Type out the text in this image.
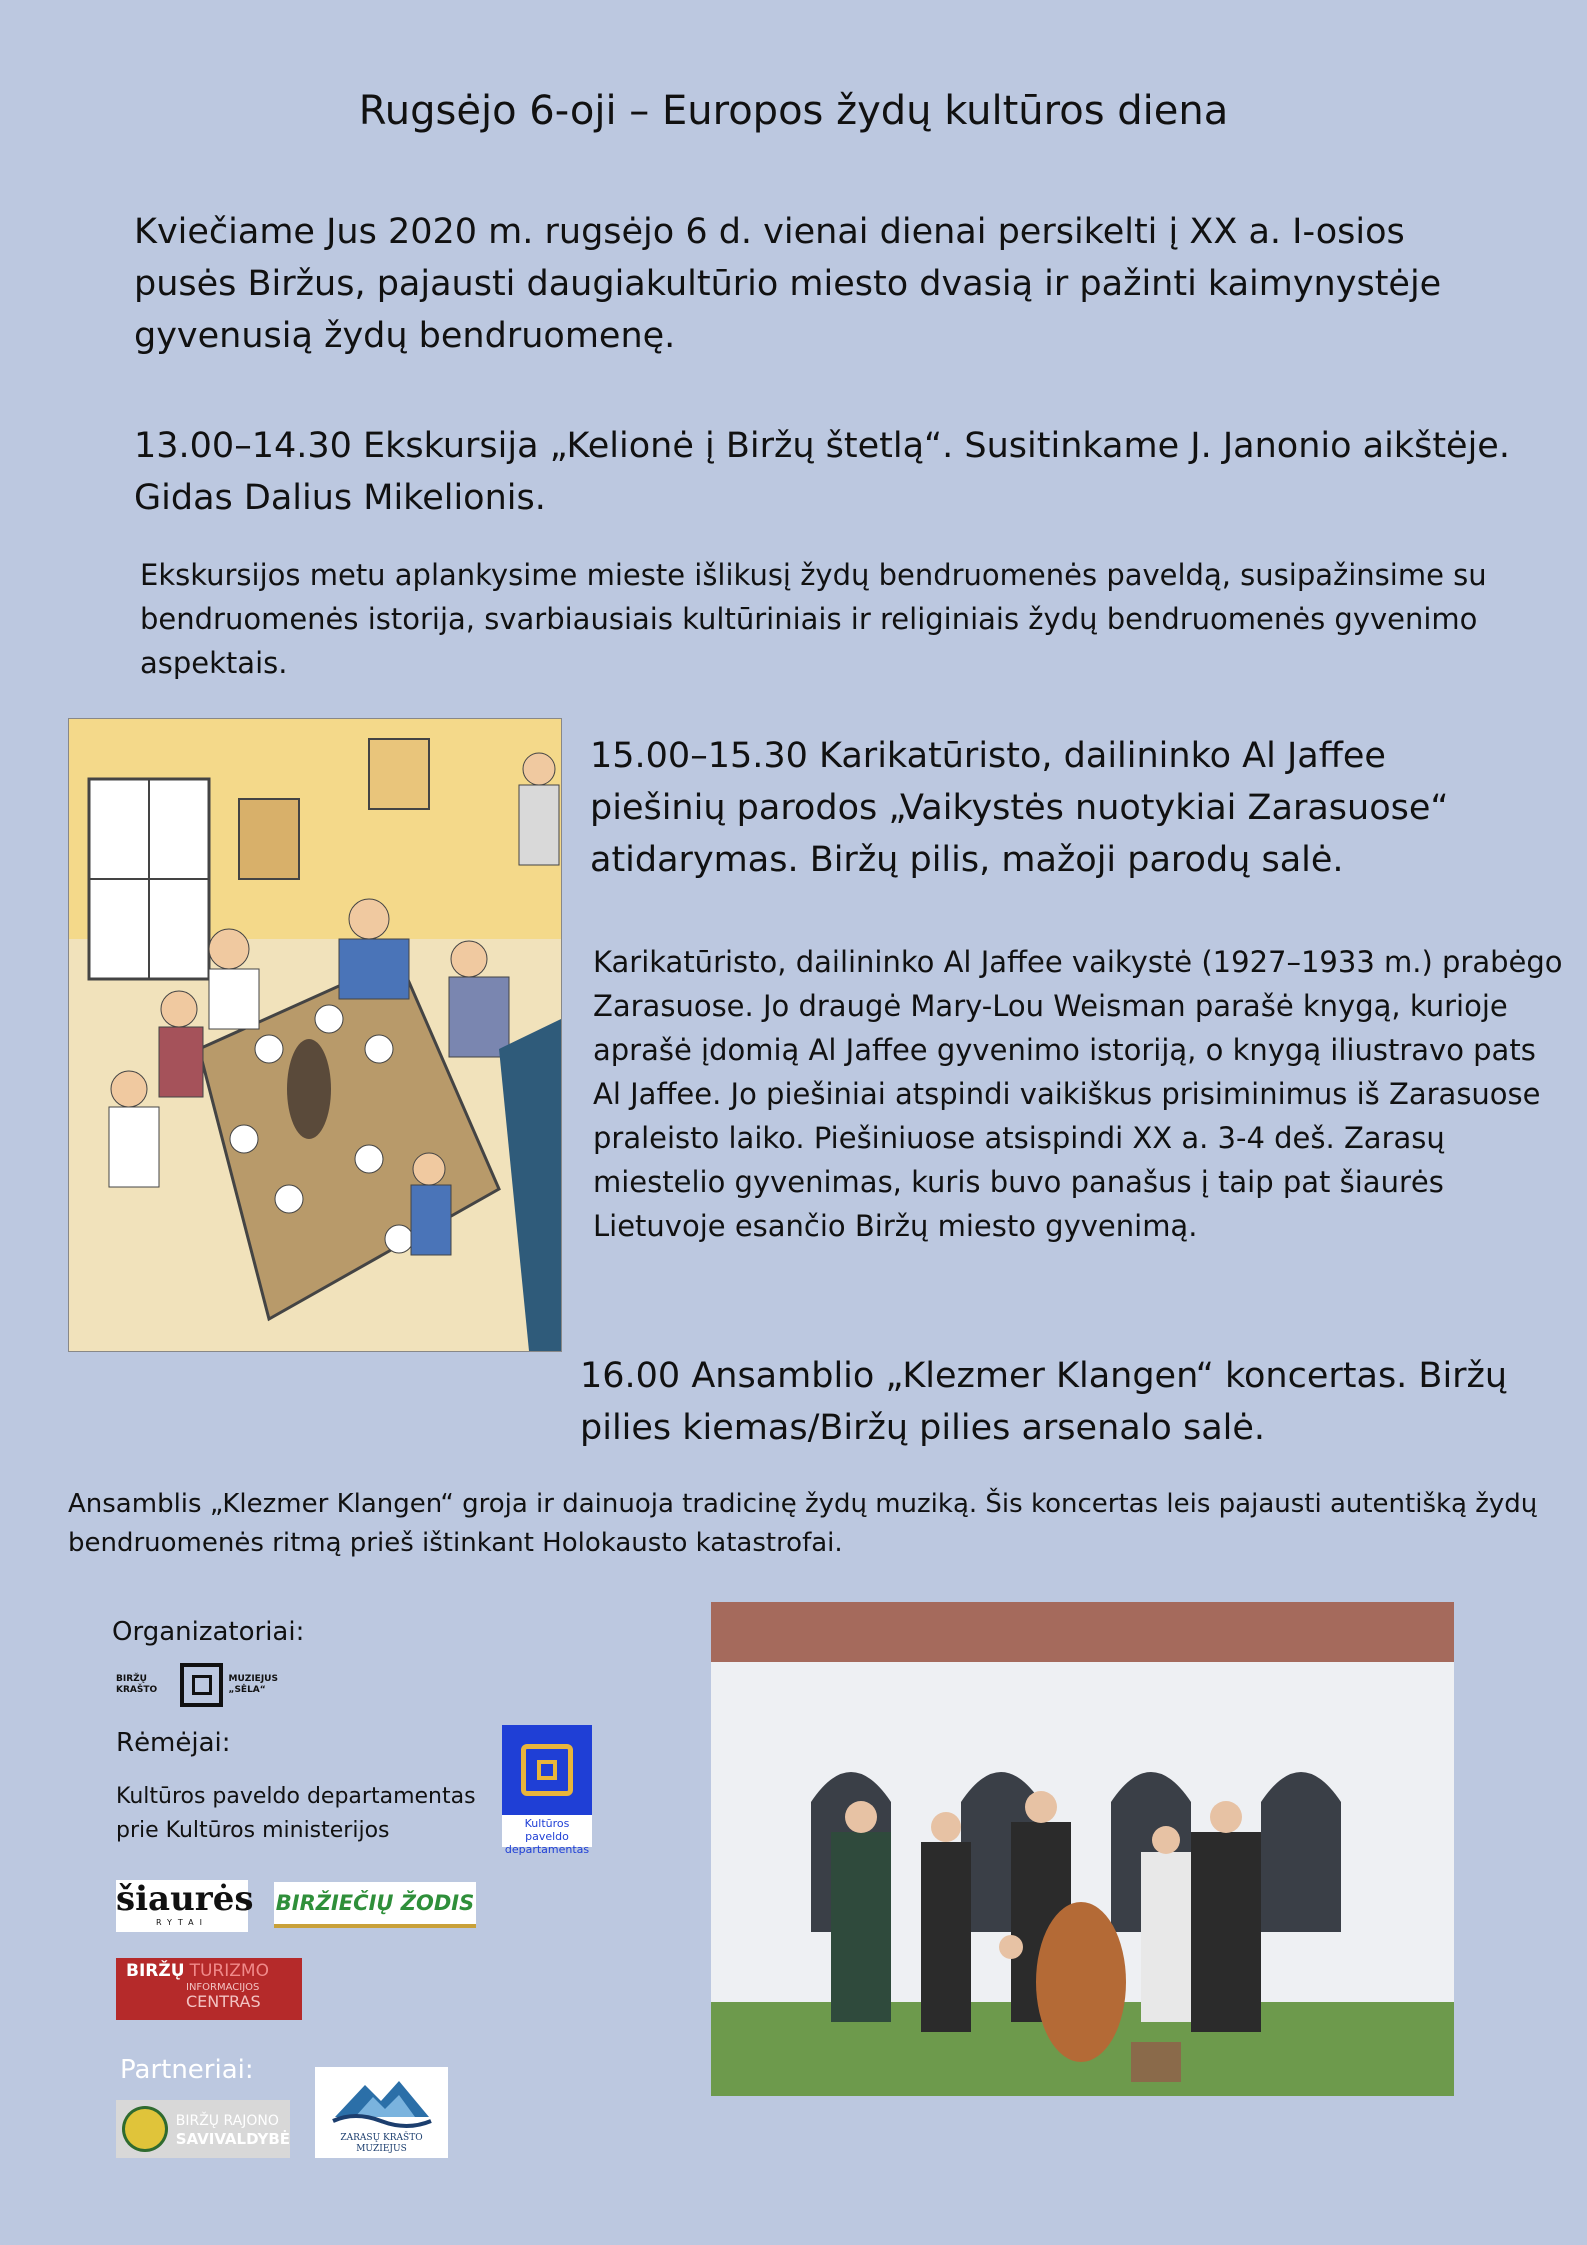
Rugsėjo 6-oji – Europos žydų kultūros diena
Kviečiame Jus 2020 m. rugsėjo 6 d. vienai dienai persikelti į XX a. I-osios pusės Biržus, pajausti daugiakultūrio miesto dvasią ir pažinti kaimynystėje gyvenusią žydų bendruomenę.
13.00–14.30 Ekskursija „Kelionė į Biržų štetlą“. Susitinkame J. Janonio aikštėje. Gidas Dalius Mikelionis.
Ekskursijos metu aplankysime mieste išlikusį žydų bendruomenės paveldą, susipažinsime su bendruomenės istorija, svarbiausiais kultūriniais ir religiniais žydų bendruomenės gyvenimo aspektais.
15.00–15.30 Karikatūristo, dailininko Al Jaffee piešinių parodos „Vaikystės nuotykiai Zarasuose“ atidarymas. Biržų pilis, mažoji parodų salė.
Karikatūristo, dailininko Al Jaffee vaikystė (1927–1933 m.) prabėgo Zarasuose. Jo draugė Mary-Lou Weisman parašė knygą, kurioje aprašė įdomią Al Jaffee gyvenimo istoriją, o knygą iliustravo pats Al Jaffee. Jo piešiniai atspindi vaikiškus prisiminimus iš Zarasuose praleisto laiko. Piešiniuose atsispindi XX a. 3-4 deš. Zarasų miestelio gyvenimas, kuris buvo panašus į taip pat šiaurės Lietuvoje esančio Biržų miesto gyvenimą.
16.00 Ansamblio „Klezmer Klangen“ koncertas. Biržų pilies kiemas/Biržų pilies arsenalo salė.
Ansamblis „Klezmer Klangen“ groja ir dainuoja tradicinę žydų muziką. Šis koncertas leis pajausti autentišką žydų bendruomenės ritmą prieš ištinkant Holokausto katastrofai.
Organizatoriai:
BIRŽŲ KRAŠTO
MUZIEJUS „SĖLA“
Rėmėjai:
Kultūros paveldo departamentas prie Kultūros ministerijos	Kultūros paveldo departamentas
šiaurės
RYTAI
BIRŽIEČIŲ ŽODIS
BIRŽŲ TURIZMO
INFORMACIJOS
CENTRAS
Partneriai:
BIRŽŲ RAJONO
SAVIVALDYBĖ	ZARASŲ KRAŠTO MUZIEJUS
